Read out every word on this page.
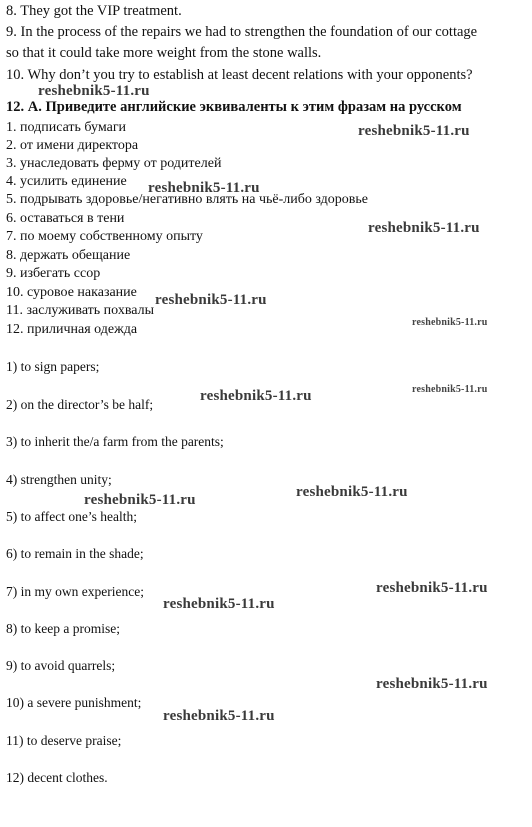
8. They got the VIP treatment.
9. In the process of the repairs we had to strengthen the foundation of our cottage
so that it could take more weight from the stone walls.
10. Why don’t you try to establish at least decent relations with your opponents?
12. А. Приведите английские эквиваленты к этим фразам на русском
1. подписать бумаги
2. от имени директора
3. унаследовать ферму от родителей
4. усилить единение
5. подрывать здоровье/негативно влять на чьё-либо здоровье
6. оставаться в тени
7. по моему собственному опыту
8. держать обещание
9. избегать ссор
10. суровое наказание
11. заслуживать похвалы
12. приличная одежда
1) to sign papers;
2) on the director’s be half;
3) to inherit the/a farm from the parents;
4) strengthen unity;
5) to affect one’s health;
6) to remain in the shade;
7) in my own experience;
8) to keep a promise;
9) to avoid quarrels;
10) a severe punishment;
11) to deserve praise;
12) decent clothes.
reshebnik5-11.ru
reshebnik5-11.ru
reshebnik5-11.ru
reshebnik5-11.ru
reshebnik5-11.ru
reshebnik5-11.ru
reshebnik5-11.ru
reshebnik5-11.ru
reshebnik5-11.ru
reshebnik5-11.ru
reshebnik5-11.ru
reshebnik5-11.ru
reshebnik5-11.ru
reshebnik5-11.ru
